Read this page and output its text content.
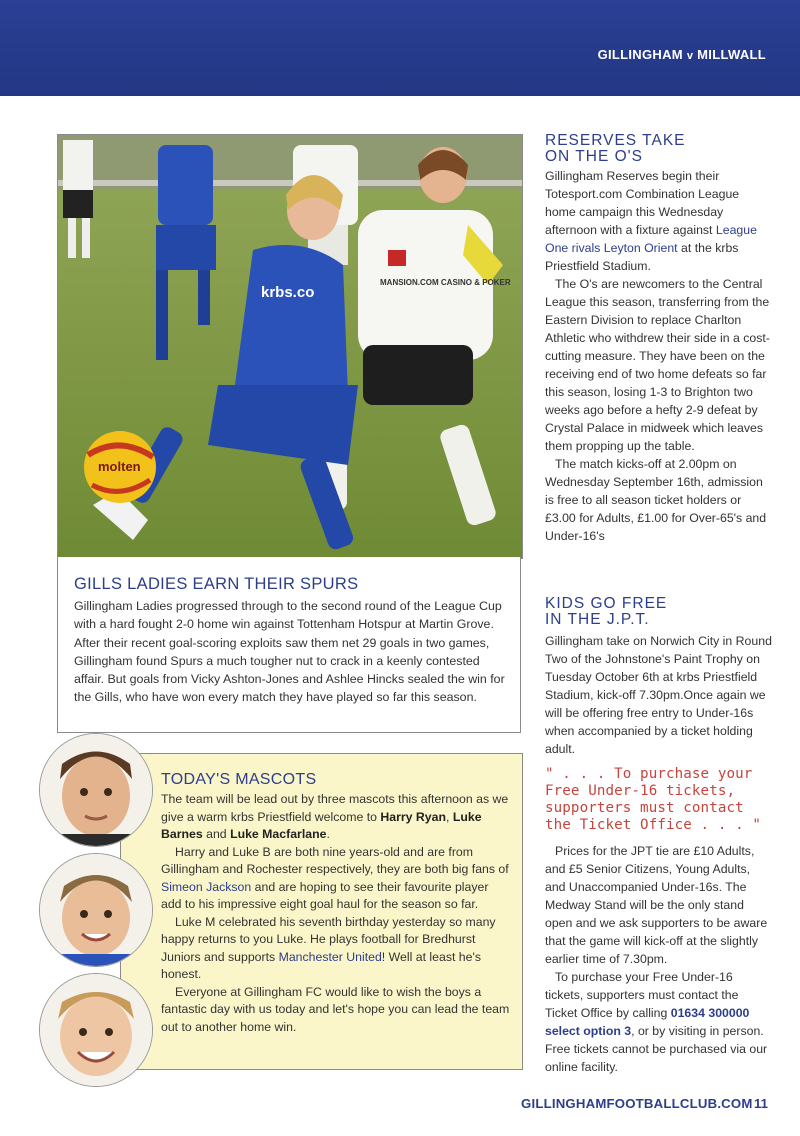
GILLINGHAM v MILLWALL
molten
krbs.co
MANSION.COM CASINO & POKER
GILLS LADIES EARN THEIR SPURS

Gillingham Ladies progressed through to the second round of the League Cup with a hard fought 2-0 home win against Tottenham Hotspur at Martin Grove. After their recent goal-scoring exploits saw them net 29 goals in two games, Gillingham found Spurs a much tougher nut to crack in a keenly contested affair. But goals from Vicky Ashton-Jones and Ashlee Hincks sealed the win for the Gills, who have won every match they have played so far this season.

TODAY'S MASCOTS

The team will be lead out by three mascots this afternoon as we give a warm krbs Priestfield welcome to Harry Ryan, Luke Barnes and Luke Macfarlane.

Harry and Luke B are both nine years-old and are from Gillingham and Rochester respectively, they are both big fans of Simeon Jackson and are hoping to see their favourite player add to his impressive eight goal haul for the season so far.

Luke M celebrated his seventh birthday yesterday so many happy returns to you Luke. He plays football for Bredhurst Juniors and supports Manchester United! Well at least he's honest.

Everyone at Gillingham FC would like to wish the boys a fantastic day with us today and let's hope you can lead the team out to another home win.

RESERVES TAKE
ON THE O'S

Gillingham Reserves begin their Totesport.com Combination League home campaign this Wednesday afternoon with a fixture against League One rivals Leyton Orient at the krbs Priestfield Stadium.

The O's are newcomers to the Central League this season, transferring from the Eastern Division to replace Charlton Athletic who withdrew their side in a cost-cutting measure. They have been on the receiving end of two home defeats so far this season, losing 1-3 to Brighton two weeks ago before a hefty 2-9 defeat by Crystal Palace in midweek which leaves them propping up the table.

The match kicks-off at 2.00pm on Wednesday September 16th, admission is free to all season ticket holders or £3.00 for Adults, £1.00 for Over-65's and Under-16's

KIDS GO FREE
IN THE J.P.T.

Gillingham take on Norwich City in Round Two of the Johnstone's Paint Trophy on Tuesday October 6th at krbs Priestfield Stadium, kick-off 7.30pm.Once again we will be offering free entry to Under-16s when accompanied by a ticket holding adult.

" . . . To purchase your Free Under-16 tickets, supporters must contact the Ticket Office . . . "

Prices for the JPT tie are £10 Adults, and £5 Senior Citizens, Young Adults, and Unaccompanied Under-16s. The Medway Stand will be the only stand open and we ask supporters to be aware that the game will kick-off at the slightly earlier time of 7.30pm.

To purchase your Free Under-16 tickets, supporters must contact the Ticket Office by calling 01634 300000 select option 3, or by visiting in person. Free tickets cannot be purchased via our online facility.

GILLINGHAMFOOTBALLCLUB.COM 11
